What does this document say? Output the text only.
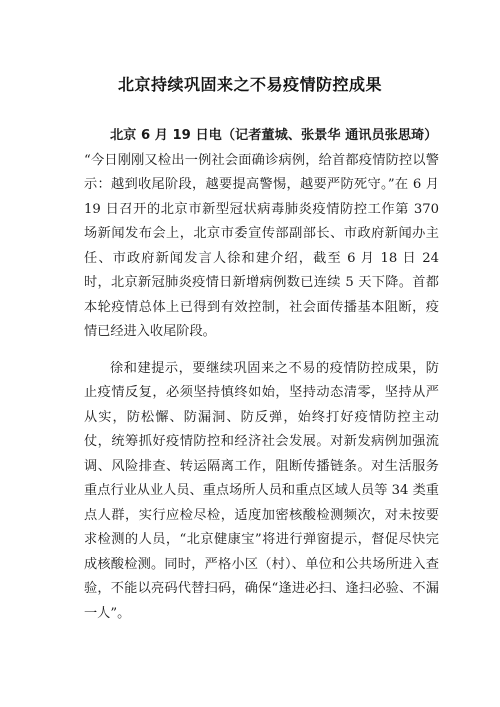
北京持续巩固来之不易疫情防控成果

北京 6 月 19 日电（记者董城、张景华 通讯员张思琦）

“今日刚刚又检出一例社会面确诊病例，给首都疫情防控以警示：越到收尾阶段，越要提高警惕，越要严防死守。”在 6 月 19 日召开的北京市新型冠状病毒肺炎疫情防控工作第 370 场新闻发布会上，北京市委宣传部副部长、市政府新闻办主任、市政府新闻发言人徐和建介绍，截至 6 月 18 日 24 时，北京新冠肺炎疫情日新增病例数已连续 5 天下降。首都本轮疫情总体上已得到有效控制，社会面传播基本阻断，疫情已经进入收尾阶段。

徐和建提示，要继续巩固来之不易的疫情防控成果，防止疫情反复，必须坚持慎终如始，坚持动态清零，坚持从严从实，防松懈、防漏洞、防反弹，始终打好疫情防控主动仗，统筹抓好疫情防控和经济社会发展。对新发病例加强流调、风险排查、转运隔离工作，阻断传播链条。对生活服务重点行业从业人员、重点场所人员和重点区域人员等 34 类重点人群，实行应检尽检，适度加密核酸检测频次，对未按要求检测的人员，“北京健康宝”将进行弹窗提示，督促尽快完成核酸检测。同时，严格小区（村）、单位和公共场所进入查验，不能以亮码代替扫码，确保“逢进必扫、逢扫必验、不漏一人”。
